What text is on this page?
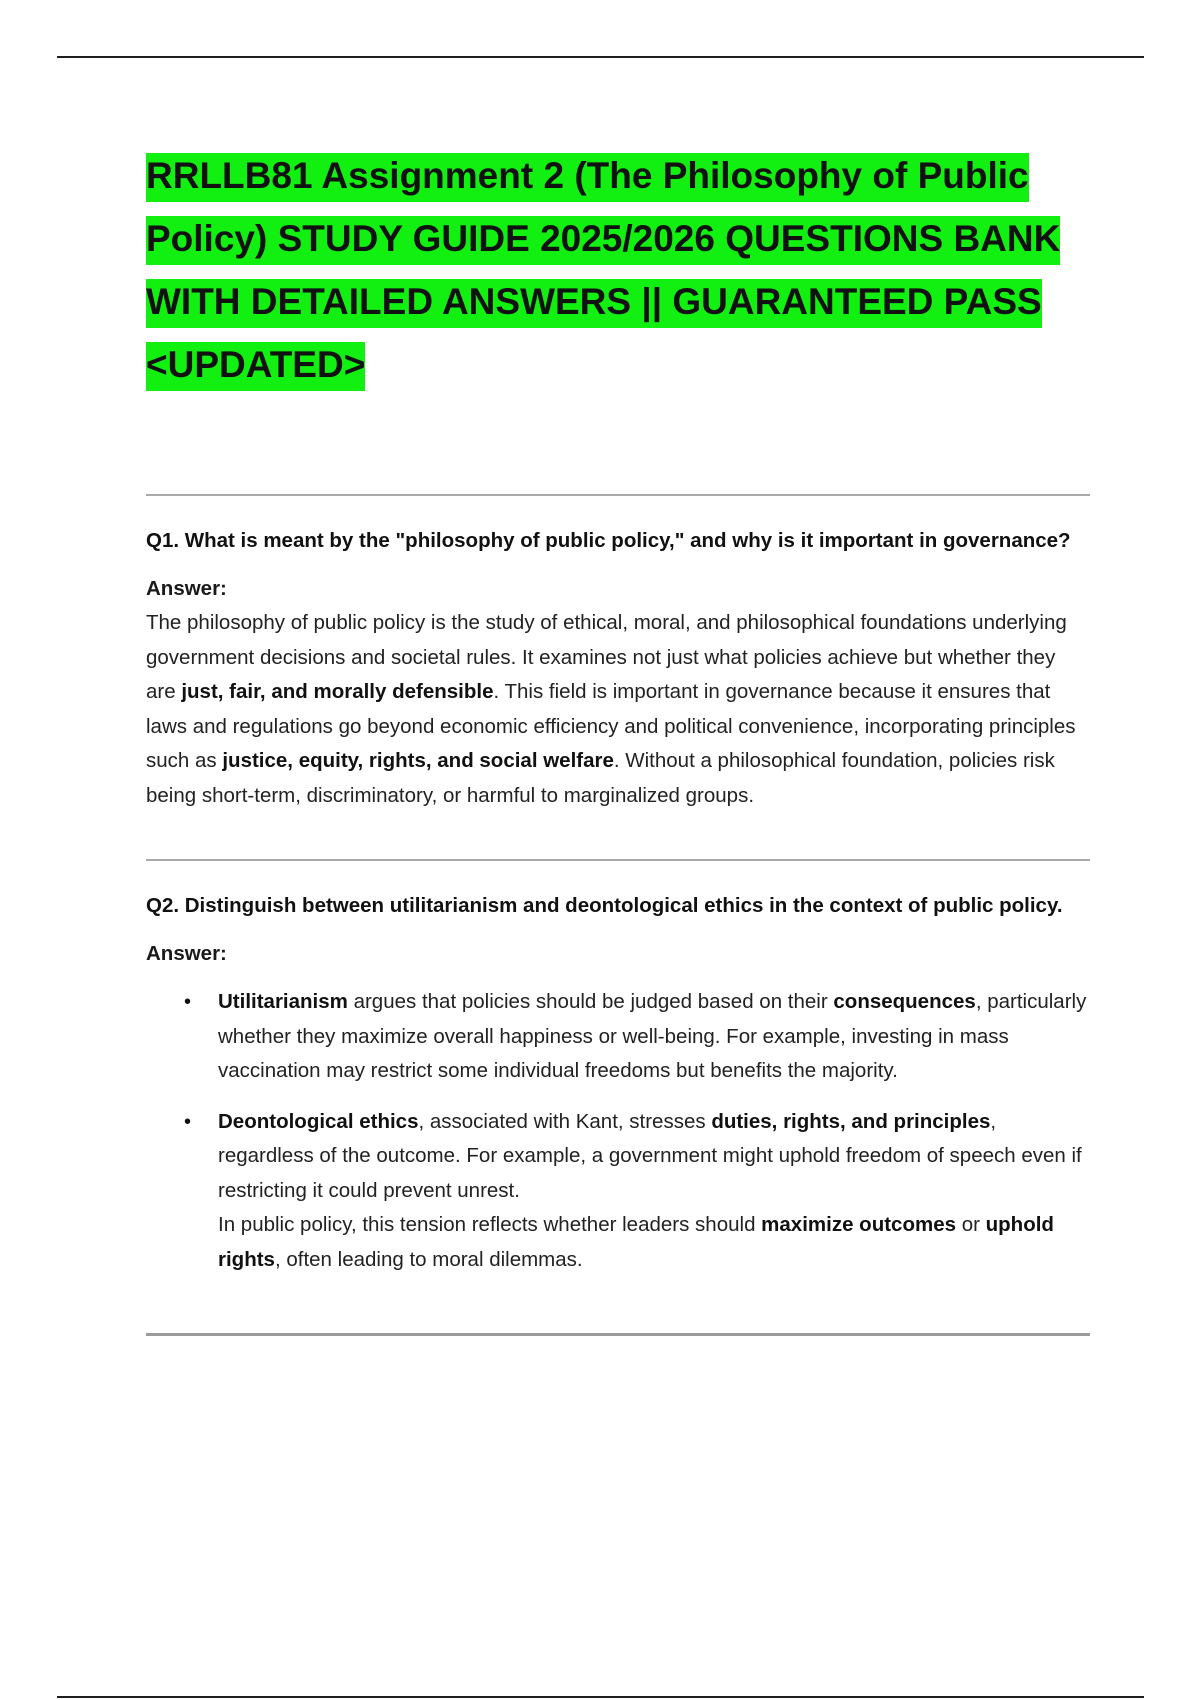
RRLLB81 Assignment 2 (The Philosophy of Public Policy) STUDY GUIDE 2025/2026 QUESTIONS BANK WITH DETAILED ANSWERS || GUARANTEED PASS <UPDATED>

Q1. What is meant by the "philosophy of public policy," and why is it important in governance?

Answer:

The philosophy of public policy is the study of ethical, moral, and philosophical foundations underlying government decisions and societal rules. It examines not just what policies achieve but whether they are just, fair, and morally defensible. This field is important in governance because it ensures that laws and regulations go beyond economic efficiency and political convenience, incorporating principles such as justice, equity, rights, and social welfare. Without a philosophical foundation, policies risk being short-term, discriminatory, or harmful to marginalized groups.

Q2. Distinguish between utilitarianism and deontological ethics in the context of public policy.

Answer:

• Utilitarianism argues that policies should be judged based on their consequences, particularly whether they maximize overall happiness or well-being. For example, investing in mass vaccination may restrict some individual freedoms but benefits the majority.

• Deontological ethics, associated with Kant, stresses duties, rights, and principles, regardless of the outcome. For example, a government might uphold freedom of speech even if restricting it could prevent unrest.

In public policy, this tension reflects whether leaders should maximize outcomes or uphold rights, often leading to moral dilemmas.
